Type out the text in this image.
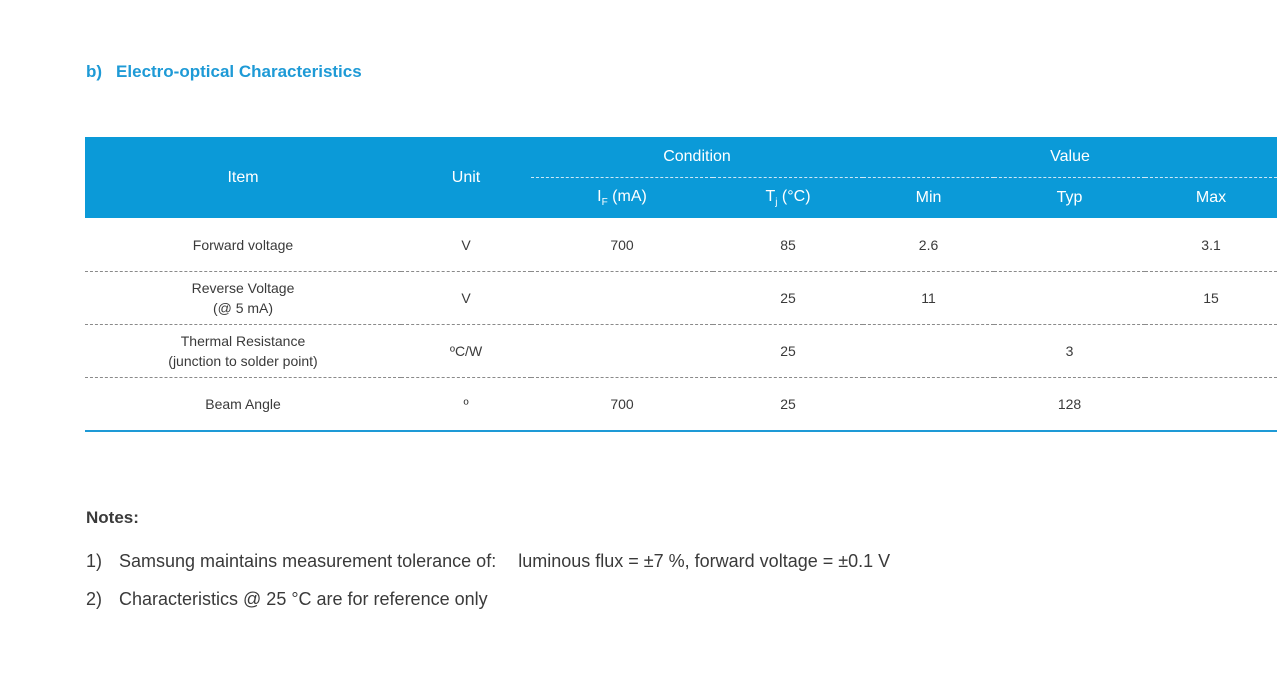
b) Electro-optical Characteristics
Item	Unit	Condition		Value		
		$I_F$ (mA)	$T_j$ (°C)	Min	Typ	Max

Forward voltage	V	700	85	2.6		3.1

Reverse Voltage
(@ 5 mA)	V		25	11		15

Thermal Resistance
(junction to solder point)	ºC/W		25		3	

Beam Angle	º	700	25		128	
Notes:
1) Samsung maintains measurement tolerance of: luminous flux = ±7 %, forward voltage = ±0.1 V
2) Characteristics @ 25 °C are for reference only
